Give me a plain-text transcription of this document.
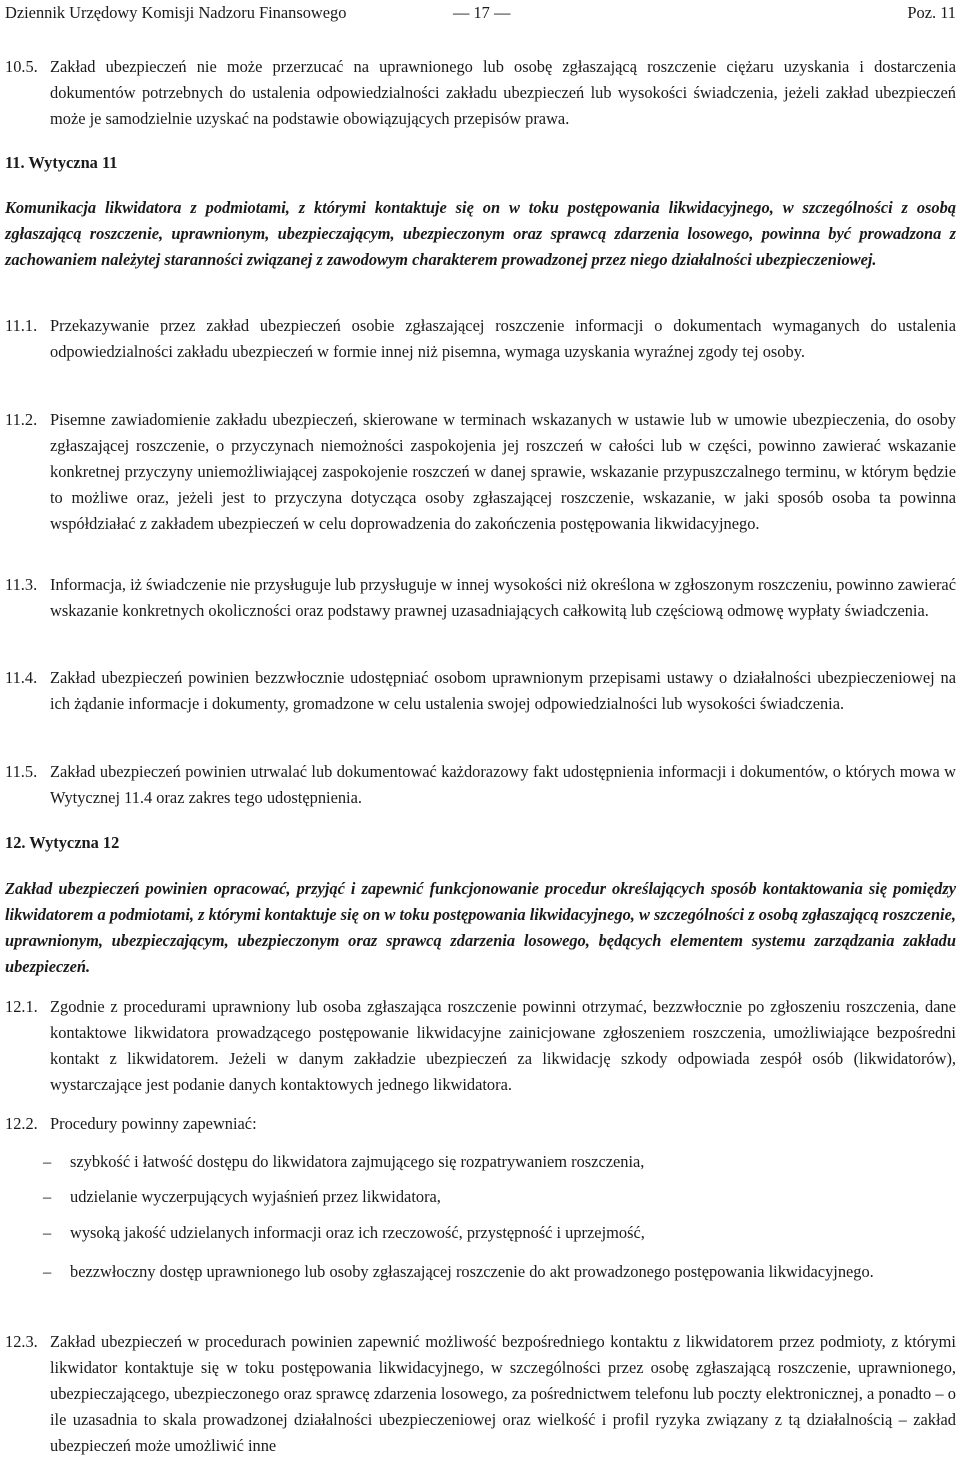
Dziennik Urzędowy Komisji Nadzoru Finansowego	— 17 —	Poz. 11
10.5. Zakład ubezpieczeń nie może przerzucać na uprawnionego lub osobę zgłaszającą roszczenie ciężaru uzyskania i dostarczenia dokumentów potrzebnych do ustalenia odpowiedzialności zakładu ubezpieczeń lub wysokości świadczenia, jeżeli zakład ubezpieczeń może je samodzielnie uzyskać na podstawie obowiązujących przepisów prawa.
11. Wytyczna 11
Komunikacja likwidatora z podmiotami, z którymi kontaktuje się on w toku postępowania likwidacyjnego, w szczególności z osobą zgłaszającą roszczenie, uprawnionym, ubezpieczającym, ubezpieczonym oraz sprawcą zdarzenia losowego, powinna być prowadzona z zachowaniem należytej staranności związanej z zawodowym charakterem prowadzonej przez niego działalności ubezpieczeniowej.
11.1. Przekazywanie przez zakład ubezpieczeń osobie zgłaszającej roszczenie informacji o dokumentach wymaganych do ustalenia odpowiedzialności zakładu ubezpieczeń w formie innej niż pisemna, wymaga uzyskania wyraźnej zgody tej osoby.
11.2. Pisemne zawiadomienie zakładu ubezpieczeń, skierowane w terminach wskazanych w ustawie lub w umowie ubezpieczenia, do osoby zgłaszającej roszczenie, o przyczynach niemożności zaspokojenia jej roszczeń w całości lub w części, powinno zawierać wskazanie konkretnej przyczyny uniemożliwiającej zaspokojenie roszczeń w danej sprawie, wskazanie przypuszczalnego terminu, w którym będzie to możliwe oraz, jeżeli jest to przyczyna dotycząca osoby zgłaszającej roszczenie, wskazanie, w jaki sposób osoba ta powinna współdziałać z zakładem ubezpieczeń w celu doprowadzenia do zakończenia postępowania likwidacyjnego.
11.3. Informacja, iż świadczenie nie przysługuje lub przysługuje w innej wysokości niż określona w zgłoszonym roszczeniu, powinno zawierać wskazanie konkretnych okoliczności oraz podstawy prawnej uzasadniających całkowitą lub częściową odmowę wypłaty świadczenia.
11.4. Zakład ubezpieczeń powinien bezzwłocznie udostępniać osobom uprawnionym przepisami ustawy o działalności ubezpieczeniowej na ich żądanie informacje i dokumenty, gromadzone w celu ustalenia swojej odpowiedzialności lub wysokości świadczenia.
11.5. Zakład ubezpieczeń powinien utrwalać lub dokumentować każdorazowy fakt udostępnienia informacji i dokumentów, o których mowa w Wytycznej 11.4 oraz zakres tego udostępnienia.
12. Wytyczna 12
Zakład ubezpieczeń powinien opracować, przyjąć i zapewnić funkcjonowanie procedur określających sposób kontaktowania się pomiędzy likwidatorem a podmiotami, z którymi kontaktuje się on w toku postępowania likwidacyjnego, w szczególności z osobą zgłaszającą roszczenie, uprawnionym, ubezpieczającym, ubezpieczonym oraz sprawcą zdarzenia losowego, będących elementem systemu zarządzania zakładu ubezpieczeń.
12.1. Zgodnie z procedurami uprawniony lub osoba zgłaszająca roszczenie powinni otrzymać, bezzwłocznie po zgłoszeniu roszczenia, dane kontaktowe likwidatora prowadzącego postępowanie likwidacyjne zainicjowane zgłoszeniem roszczenia, umożliwiające bezpośredni kontakt z likwidatorem. Jeżeli w danym zakładzie ubezpieczeń za likwidację szkody odpowiada zespół osób (likwidatorów), wystarczające jest podanie danych kontaktowych jednego likwidatora.
12.2. Procedury powinny zapewniać:
–	szybkość i łatwość dostępu do likwidatora zajmującego się rozpatrywaniem roszczenia,
–	udzielanie wyczerpujących wyjaśnień przez likwidatora,
–	wysoką jakość udzielanych informacji oraz ich rzeczowość, przystępność i uprzejmość,
–	bezzwłoczny dostęp uprawnionego lub osoby zgłaszającej roszczenie do akt prowadzonego postępowania likwidacyjnego.
12.3. Zakład ubezpieczeń w procedurach powinien zapewnić możliwość bezpośredniego kontaktu z likwidatorem przez podmioty, z którymi likwidator kontaktuje się w toku postępowania likwidacyjnego, w szczególności przez osobę zgłaszającą roszczenie, uprawnionego, ubezpieczającego, ubezpieczonego oraz sprawcę zdarzenia losowego, za pośrednictwem telefonu lub poczty elektronicznej, a ponadto – o ile uzasadnia to skala prowadzonej działalności ubezpieczeniowej oraz wielkość i profil ryzyka związany z tą działalnością – zakład ubezpieczeń może umożliwić inne
